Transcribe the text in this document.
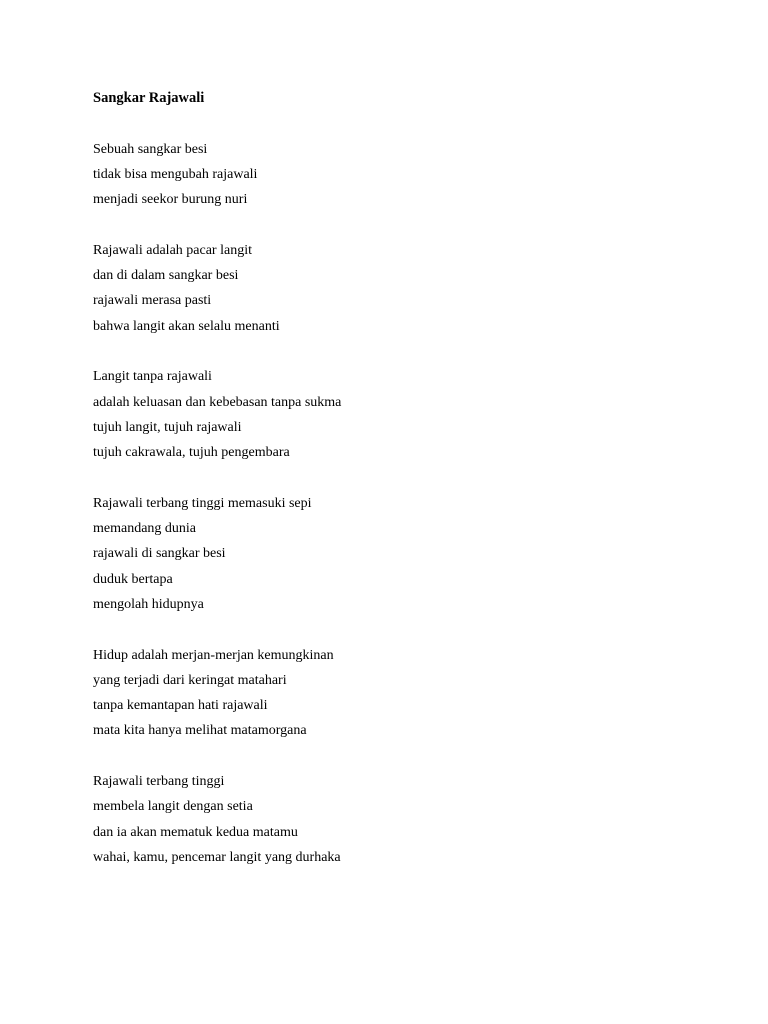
Sangkar Rajawali
Sebuah sangkar besi
tidak bisa mengubah rajawali
menjadi seekor burung nuri
Rajawali adalah pacar langit
dan di dalam sangkar besi
rajawali merasa pasti
bahwa langit akan selalu menanti
Langit tanpa rajawali
adalah keluasan dan kebebasan tanpa sukma
tujuh langit, tujuh rajawali
tujuh cakrawala, tujuh pengembara
Rajawali terbang tinggi memasuki sepi
memandang dunia
rajawali di sangkar besi
duduk bertapa
mengolah hidupnya
Hidup adalah merjan-merjan kemungkinan
yang terjadi dari keringat matahari
tanpa kemantapan hati rajawali
mata kita hanya melihat matamorgana
Rajawali terbang tinggi
membela langit dengan setia
dan ia akan mematuk kedua matamu
wahai, kamu, pencemar langit yang durhaka
